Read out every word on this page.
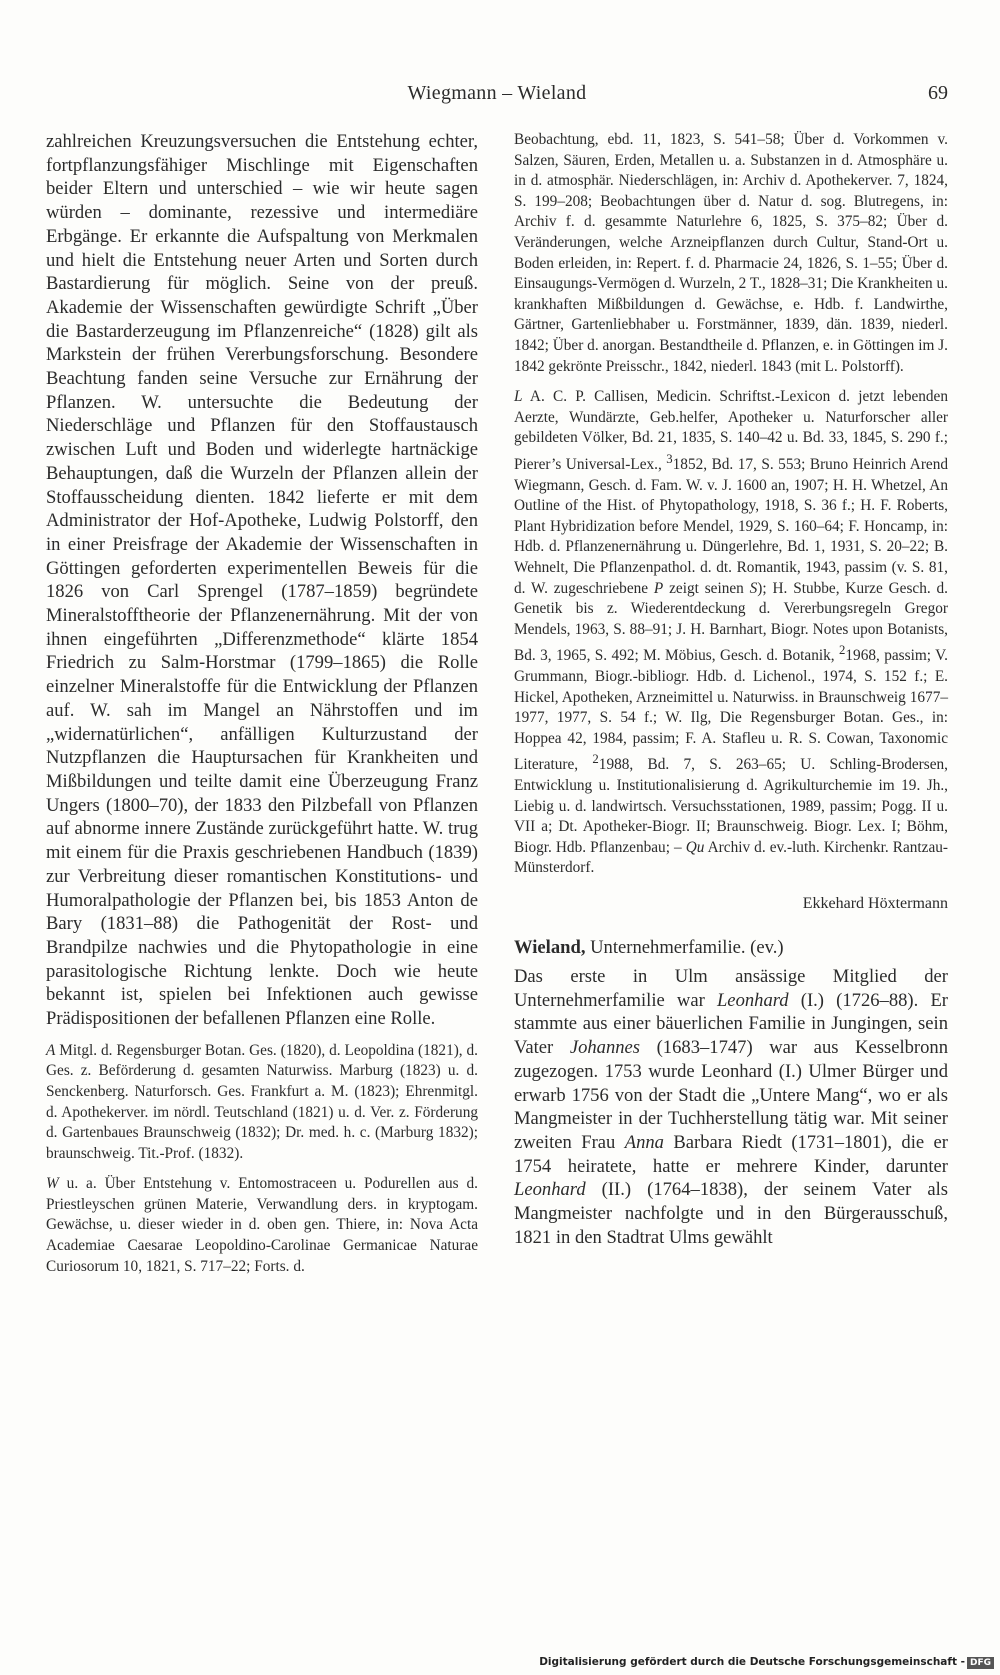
Wiegmann – Wieland	69

zahlreichen Kreuzungsversuchen die Entstehung echter, fortpflanzungsfähiger Mischlinge mit Eigenschaften beider Eltern und unterschied – wie wir heute sagen würden – dominante, rezessive und intermediäre Erbgänge. Er erkannte die Aufspaltung von Merkmalen und hielt die Entstehung neuer Arten und Sorten durch Bastardierung für möglich. Seine von der preuß. Akademie der Wissenschaften gewürdigte Schrift „Über die Bastarderzeugung im Pflanzenreiche“ (1828) gilt als Markstein der frühen Vererbungsforschung. Besondere Beachtung fanden seine Versuche zur Ernährung der Pflanzen. W. untersuchte die Bedeutung der Niederschläge und Pflanzen für den Stoffaustausch zwischen Luft und Boden und widerlegte hartnäckige Behauptungen, daß die Wurzeln der Pflanzen allein der Stoffausscheidung dienten. 1842 lieferte er mit dem Administrator der Hof-Apotheke, Ludwig Polstorff, den in einer Preisfrage der Akademie der Wissenschaften in Göttingen geforderten experimentellen Beweis für die 1826 von Carl Sprengel (1787–1859) begründete Mineralstofftheorie der Pflanzenernährung. Mit der von ihnen eingeführten „Differenzmethode“ klärte 1854 Friedrich zu Salm-Horstmar (1799–1865) die Rolle einzelner Mineralstoffe für die Entwicklung der Pflanzen auf. W. sah im Mangel an Nährstoffen und im „widernatürlichen“, anfälligen Kulturzustand der Nutzpflanzen die Hauptursachen für Krankheiten und Mißbildungen und teilte damit eine Überzeugung Franz Ungers (1800–70), der 1833 den Pilzbefall von Pflanzen auf abnorme innere Zustände zurückgeführt hatte. W. trug mit einem für die Praxis geschriebenen Handbuch (1839) zur Verbreitung dieser romantischen Konstitutions- und Humoralpathologie der Pflanzen bei, bis 1853 Anton de Bary (1831–88) die Pathogenität der Rost- und Brandpilze nachwies und die Phytopathologie in eine parasitologische Richtung lenkte. Doch wie heute bekannt ist, spielen bei Infektionen auch gewisse Prädispositionen der befallenen Pflanzen eine Rolle.

A Mitgl. d. Regensburger Botan. Ges. (1820), d. Leopoldina (1821), d. Ges. z. Beförderung d. gesamten Naturwiss. Marburg (1823) u. d. Senckenberg. Naturforsch. Ges. Frankfurt a. M. (1823); Ehrenmitgl. d. Apothekerver. im nördl. Teutschland (1821) u. d. Ver. z. Förderung d. Gartenbaues Braunschweig (1832); Dr. med. h. c. (Marburg 1832); braunschweig. Tit.-Prof. (1832).

W u. a. Über Entstehung v. Entomostraceen u. Podurellen aus d. Priestleyschen grünen Materie, Verwandlung ders. in kryptogam. Gewächse, u. dieser wieder in d. oben gen. Thiere, in: Nova Acta Academiae Caesarae Leopoldino-Carolinae Germanicae Naturae Curiosorum 10, 1821, S. 717–22; Forts. d.

Beobachtung, ebd. 11, 1823, S. 541–58; Über d. Vorkommen v. Salzen, Säuren, Erden, Metallen u. a. Substanzen in d. Atmosphäre u. in d. atmosphär. Niederschlägen, in: Archiv d. Apothekerver. 7, 1824, S. 199–208; Beobachtungen über d. Natur d. sog. Blutregens, in: Archiv f. d. gesammte Naturlehre 6, 1825, S. 375–82; Über d. Veränderungen, welche Arzneipflanzen durch Cultur, Stand-Ort u. Boden erleiden, in: Repert. f. d. Pharmacie 24, 1826, S. 1–55; Über d. Einsaugungs-Vermögen d. Wurzeln, 2 T., 1828–31; Die Krankheiten u. krankhaften Mißbildungen d. Gewächse, e. Hdb. f. Landwirthe, Gärtner, Gartenliebhaber u. Forstmänner, 1839, dän. 1839, niederl. 1842; Über d. anorgan. Bestandtheile d. Pflanzen, e. in Göttingen im J. 1842 gekrönte Preisschr., 1842, niederl. 1843 (mit L. Polstorff).

L A. C. P. Callisen, Medicin. Schriftst.-Lexicon d. jetzt lebenden Aerzte, Wundärzte, Geb.helfer, Apotheker u. Naturforscher aller gebildeten Völker, Bd. 21, 1835, S. 140–42 u. Bd. 33, 1845, S. 290 f.; Pierer’s Universal-Lex., $^3$1852, Bd. 17, S. 553; Bruno Heinrich Arend Wiegmann, Gesch. d. Fam. W. v. J. 1600 an, 1907; H. H. Whetzel, An Outline of the Hist. of Phytopathology, 1918, S. 36 f.; H. F. Roberts, Plant Hybridization before Mendel, 1929, S. 160–64; F. Honcamp, in: Hdb. d. Pflanzenernährung u. Düngerlehre, Bd. 1, 1931, S. 20–22; B. Wehnelt, Die Pflanzenpathol. d. dt. Romantik, 1943, passim (v. S. 81, d. W. zugeschriebene P zeigt seinen S); H. Stubbe, Kurze Gesch. d. Genetik bis z. Wiederentdeckung d. Vererbungsregeln Gregor Mendels, 1963, S. 88–91; J. H. Barnhart, Biogr. Notes upon Botanists, Bd. 3, 1965, S. 492; M. Möbius, Gesch. d. Botanik, $^2$1968, passim; V. Grummann, Biogr.-bibliogr. Hdb. d. Lichenol., 1974, S. 152 f.; E. Hickel, Apotheken, Arzneimittel u. Naturwiss. in Braunschweig 1677–1977, 1977, S. 54 f.; W. Ilg, Die Regensburger Botan. Ges., in: Hoppea 42, 1984, passim; F. A. Stafleu u. R. S. Cowan, Taxonomic Literature, $^2$1988, Bd. 7, S. 263–65; U. Schling-Brodersen, Entwicklung u. Institutionalisierung d. Agrikulturchemie im 19. Jh., Liebig u. d. landwirtsch. Versuchsstationen, 1989, passim; Pogg. II u. VII a; Dt. Apotheker-Biogr. II; Braunschweig. Biogr. Lex. I; Böhm, Biogr. Hdb. Pflanzenbau; – Qu Archiv d. ev.-luth. Kirchenkr. Rantzau-Münsterdorf.

Ekkehard Höxtermann

Wieland, Unternehmerfamilie. (ev.)

Das erste in Ulm ansässige Mitglied der Unternehmerfamilie war Leonhard (I.) (1726–88). Er stammte aus einer bäuerlichen Familie in Jungingen, sein Vater Johannes (1683–1747) war aus Kesselbronn zugezogen. 1753 wurde Leonhard (I.) Ulmer Bürger und erwarb 1756 von der Stadt die „Untere Mang“, wo er als Mangmeister in der Tuchherstellung tätig war. Mit seiner zweiten Frau Anna Barbara Riedt (1731–1801), die er 1754 heiratete, hatte er mehrere Kinder, darunter Leonhard (II.) (1764–1838), der seinem Vater als Mangmeister nachfolgte und in den Bürgerausschuß, 1821 in den Stadtrat Ulms gewählt

Digitalisierung gefördert durch die Deutsche Forschungsgemeinschaft - DFG
